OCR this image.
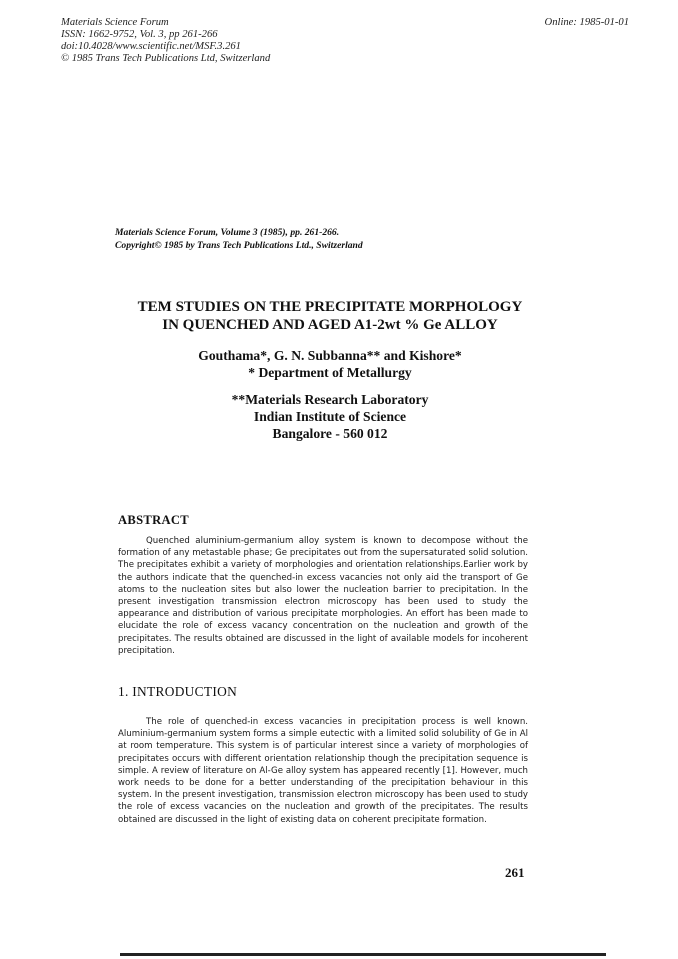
Materials Science Forum
ISSN: 1662-9752, Vol. 3, pp 261-266
doi:10.4028/www.scientific.net/MSF.3.261
© 1985 Trans Tech Publications Ltd, Switzerland
Online: 1985-01-01
Materials Science Forum, Volume 3 (1985), pp. 261-266.
Copyright© 1985 by Trans Tech Publications Ltd., Switzerland
TEM STUDIES ON THE PRECIPITATE MORPHOLOGY
IN QUENCHED AND AGED A1-2wt % Ge ALLOY
Gouthama*, G. N. Subbanna** and Kishore*
* Department of Metallurgy
**Materials Research Laboratory
Indian Institute of Science
Bangalore - 560 012
ABSTRACT
Quenched aluminium-germanium alloy system is known to decompose without the formation of any metastable phase; Ge precipitates out from the supersaturated solid solution. The precipitates exhibit a variety of morphologies and orientation relationships.Earlier work by the authors indicate that the quenched-in excess vacancies not only aid the transport of Ge atoms to the nucleation sites but also lower the nucleation barrier to precipitation. In the present investigation transmission electron microscopy has been used to study the appearance and distribution of various precipitate morphologies. An effort has been made to elucidate the role of excess vacancy concentration on the nucleation and growth of the precipitates. The results obtained are discussed in the light of available models for incoherent precipitation.
1. INTRODUCTION
The role of quenched-in excess vacancies in precipitation process is well known. Aluminium-germanium system forms a simple eutectic with a limited solid solubility of Ge in Al at room temperature. This system is of particular interest since a variety of morphologies of precipitates occurs with different orientation relationship though the precipitation sequence is simple. A review of literature on Al-Ge alloy system has appeared recently [1]. However, much work needs to be done for a better understanding of the precipitation behaviour in this system. In the present investigation, transmission electron microscopy has been used to study the role of excess vacancies on the nucleation and growth of the precipitates. The results obtained are discussed in the light of existing data on coherent precipitate formation.
261
